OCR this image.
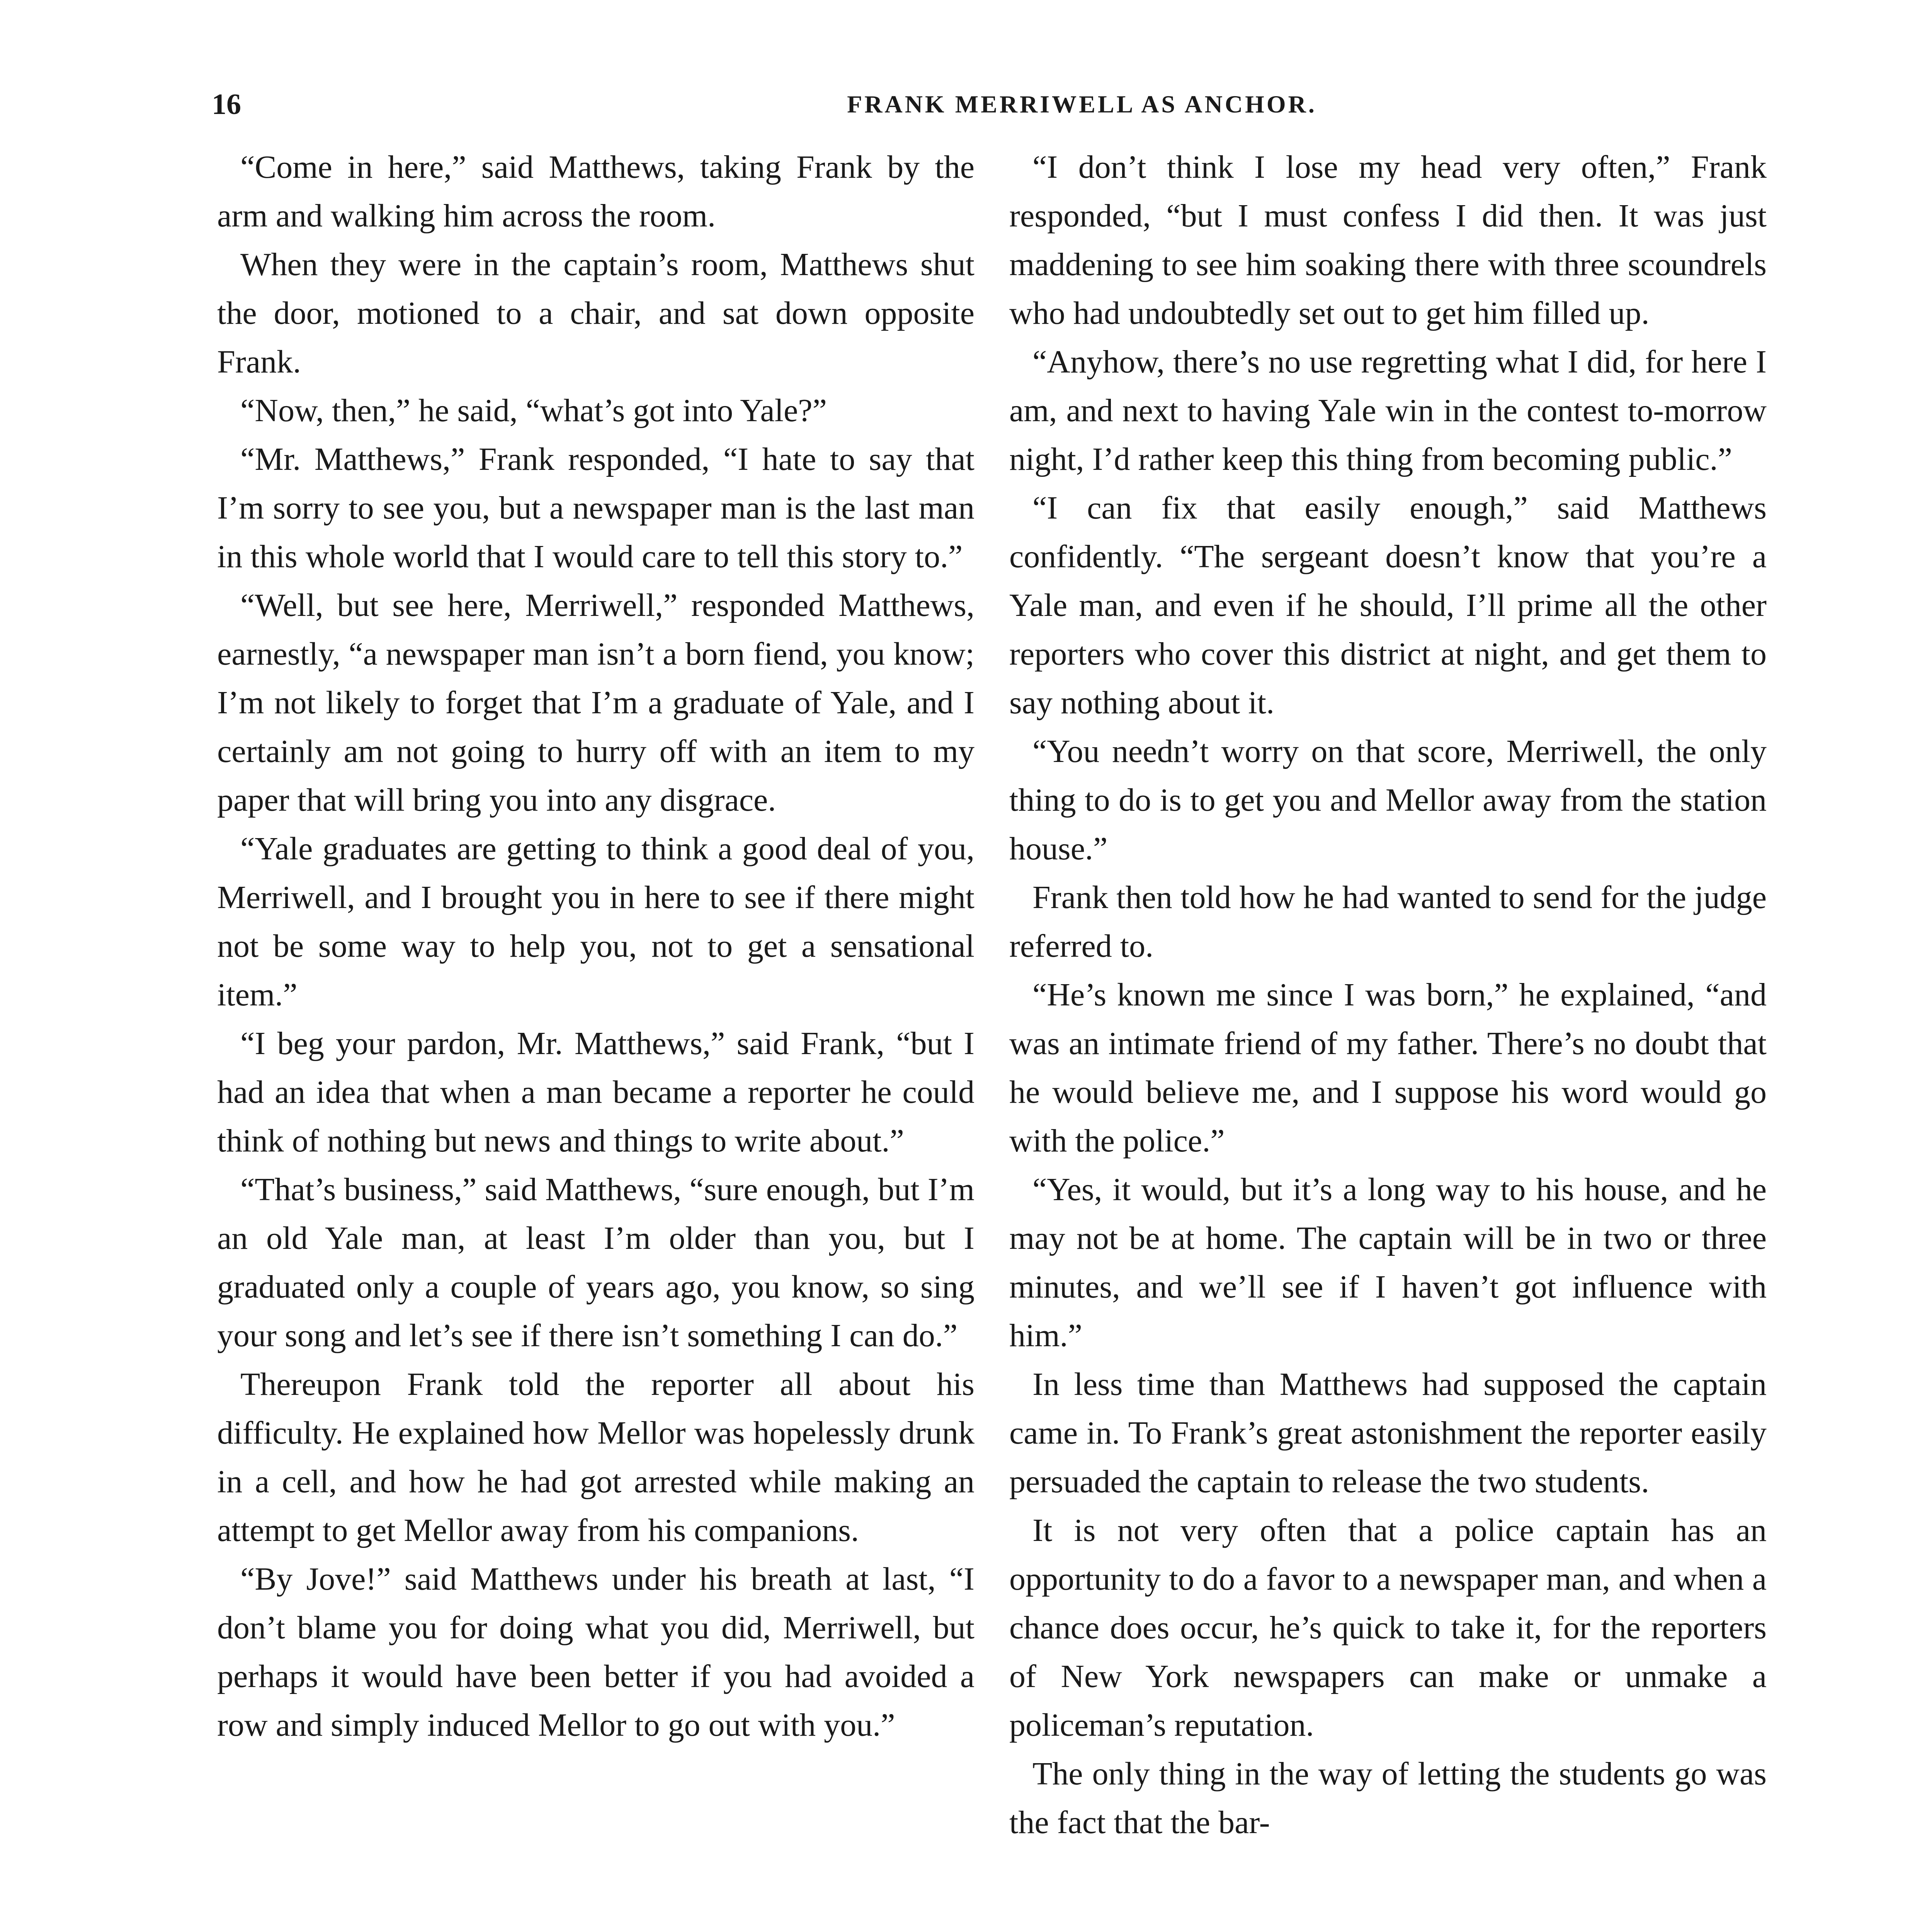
16	FRANK MERRIWELL AS ANCHOR.

“Come in here,” said Matthews, taking Frank by the arm and walking him across the room.

When they were in the captain’s room, Matthews shut the door, motioned to a chair, and sat down opposite Frank.

“Now, then,” he said, “what’s got into Yale?”

“Mr. Matthews,” Frank responded, “I hate to say that I’m sorry to see you, but a newspaper man is the last man in this whole world that I would care to tell this story to.”

“Well, but see here, Merriwell,” responded Matthews, earnestly, “a newspaper man isn’t a born fiend, you know; I’m not likely to forget that I’m a graduate of Yale, and I certainly am not going to hurry off with an item to my paper that will bring you into any disgrace.

“Yale graduates are getting to think a good deal of you, Merriwell, and I brought you in here to see if there might not be some way to help you, not to get a sensational item.”

“I beg your pardon, Mr. Matthews,” said Frank, “but I had an idea that when a man became a reporter he could think of nothing but news and things to write about.”

“That’s business,” said Matthews, “sure enough, but I’m an old Yale man, at least I’m older than you, but I graduated only a couple of years ago, you know, so sing your song and let’s see if there isn’t something I can do.”

Thereupon Frank told the reporter all about his difficulty. He explained how Mellor was hopelessly drunk in a cell, and how he had got arrested while making an attempt to get Mellor away from his companions.

“By Jove!” said Matthews under his breath at last, “I don’t blame you for doing what you did, Merriwell, but perhaps it would have been better if you had avoided a row and simply induced Mellor to go out with you.”

“I don’t think I lose my head very often,” Frank responded, “but I must confess I did then. It was just maddening to see him soaking there with three scoundrels who had undoubtedly set out to get him filled up.

“Anyhow, there’s no use regretting what I did, for here I am, and next to having Yale win in the contest to-morrow night, I’d rather keep this thing from becoming public.”

“I can fix that easily enough,” said Matthews confidently. “The sergeant doesn’t know that you’re a Yale man, and even if he should, I’ll prime all the other reporters who cover this district at night, and get them to say nothing about it.

“You needn’t worry on that score, Merriwell, the only thing to do is to get you and Mellor away from the station house.”

Frank then told how he had wanted to send for the judge referred to.

“He’s known me since I was born,” he explained, “and was an intimate friend of my father. There’s no doubt that he would believe me, and I suppose his word would go with the police.”

“Yes, it would, but it’s a long way to his house, and he may not be at home. The captain will be in two or three minutes, and we’ll see if I haven’t got influence with him.”

In less time than Matthews had supposed the captain came in. To Frank’s great astonishment the reporter easily persuaded the captain to release the two students.

It is not very often that a police captain has an opportunity to do a favor to a newspaper man, and when a chance does occur, he’s quick to take it, for the reporters of New York newspapers can make or unmake a policeman’s reputation.

The only thing in the way of letting the students go was the fact that the bar-
